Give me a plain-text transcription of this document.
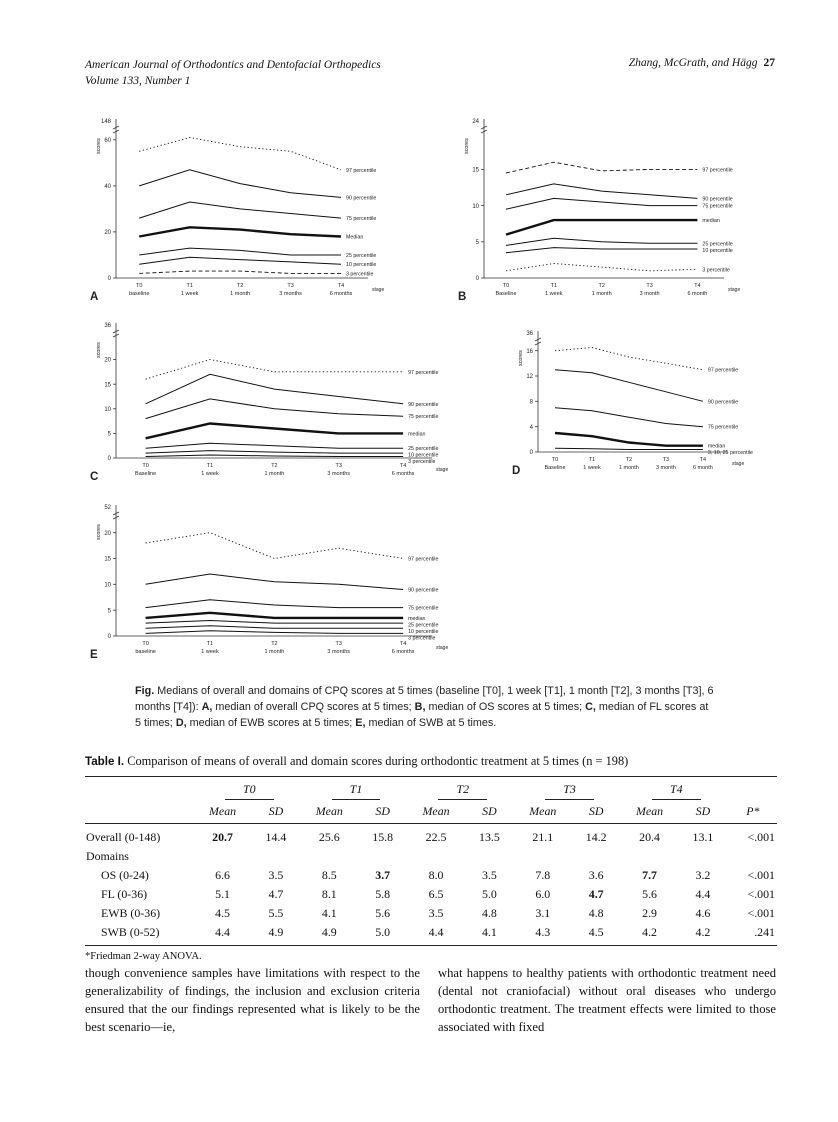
American Journal of Orthodontics and Dentofacial Orthopedics
Volume 133, Number 1
Zhang, McGrath, and Hägg 27
148
scores
0
20
40
60
T0
baseline
T1
1 week
T2
1 month
T3
3 months
T4
6 months
stage
97 percentile
90 percentile
75 percentile
Median
25 percentile
10 percentile
3 percentile
A
24
scores
0
5
10
15
T0
Baseline
T1
1 week
T2
1 month
T3
3 month
T4
6 month
stage
97 percentile
90 percentile
75 percentile
median
25 percentile
10 percentile
3 percentile
B
36
scores
0
5
10
15
20
T0
Baseline
T1
1 week
T2
1 month
T3
3 months
T4
6 months
stage
97 percentile
90 percentile
75 percentile
median
25 percentile
10 percentile
3 percentile
C
36
scores
0
4
8
12
16
T0
Baseline
T1
1 week
T2
1 month
T3
3 month
T4
6 month
stage
97 percentile
90 percentile
75 percentile
median
3, 10, 25 percentile
D
52
scores
0
5
10
15
20
T0
baseline
T1
1 week
T2
1 month
T3
3 months
T4
6 months
stage
97 percentile
90 percentile
75 percentile
median
25 percentile
10 percentile
3 percentile
E
Fig. Medians of overall and domains of CPQ scores at 5 times (baseline [T0], 1 week [T1], 1 month [T2], 3 months [T3], 6 months [T4]): A, median of overall CPQ scores at 5 times; B, median of OS scores at 5 times; C, median of FL scores at 5 times; D, median of EWB scores at 5 times; E, median of SWB at 5 times.
Table I. Comparison of means of overall and domain scores during orthodontic treatment at 5 times (n = 198)
	T0		T1		T2		T3		T4		
	Mean	SD	Mean	SD	Mean	SD	Mean	SD	Mean	SD	P*
Overall (0-148)	20.7	14.4	25.6	15.8	22.5	13.5	21.1	14.2	20.4	13.1	<.001
Domains											
OS (0-24)	6.6	3.5	8.5	3.7	8.0	3.5	7.8	3.6	7.7	3.2	<.001
FL (0-36)	5.1	4.7	8.1	5.8	6.5	5.0	6.0	4.7	5.6	4.4	<.001
EWB (0-36)	4.5	5.5	4.1	5.6	3.5	4.8	3.1	4.8	2.9	4.6	<.001
SWB (0-52)	4.4	4.9	4.9	5.0	4.4	4.1	4.3	4.5	4.2	4.2	.241
*Friedman 2-way ANOVA.
though convenience samples have limitations with respect to the generalizability of findings, the inclusion and exclusion criteria ensured that the our findings represented what is likely to be the best scenario—ie,
what happens to healthy patients with orthodontic treatment need (dental not craniofacial) without oral diseases who undergo orthodontic treatment. The treatment effects were limited to those associated with fixed
